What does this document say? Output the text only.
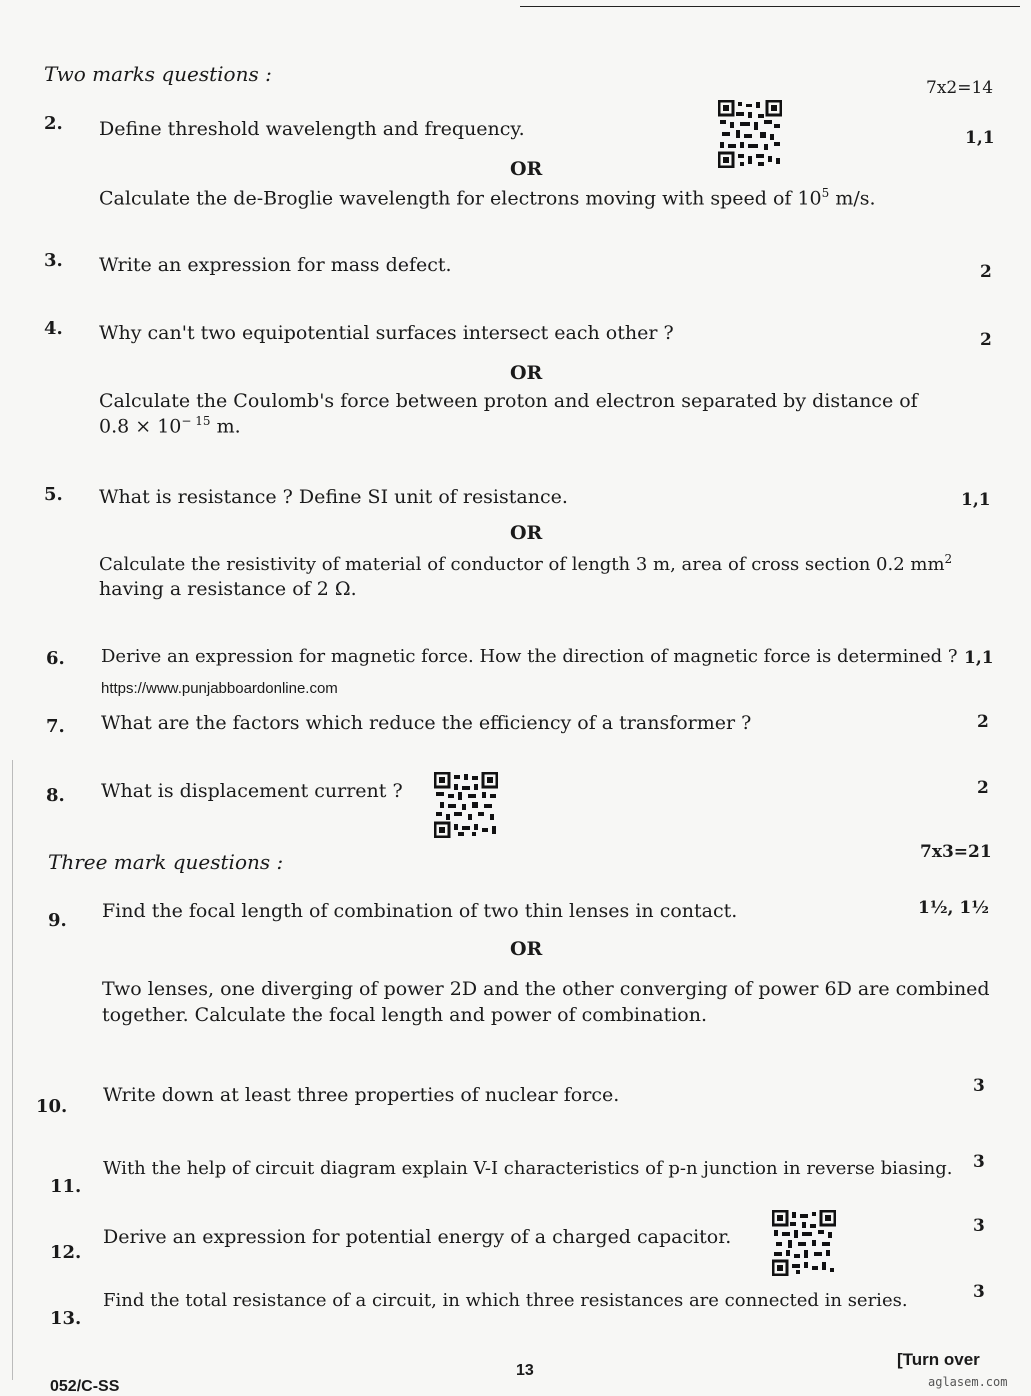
Two marks questions :
7x2=14
2. Define threshold wavelength and frequency.	1,1
OR
Calculate the de-Broglie wavelength for electrons moving with speed of $10^5$ m/s.
3. Write an expression for mass defect.	2
4. Why can't two equipotential surfaces intersect each other ?	2
OR
Calculate the Coulomb's force between proton and electron separated by distance of
$0.8 \times 10^{- 15}$ m.
5. What is resistance ? Define SI unit of resistance.	1,1
OR
Calculate the resistivity of material of conductor of length 3 m, area of cross section 0.2 $mm^2$
having a resistance of 2 Ω.
6. Derive an expression for magnetic force. How the direction of magnetic force is determined ? 1,1
https://www.punjabboardonline.com
7. What are the factors which reduce the efficiency of a transformer ?	2
8. What is displacement current ?	2
Three mark questions :	7x3=21
9. Find the focal length of combination of two thin lenses in contact.	1½, 1½
OR
Two lenses, one diverging of power 2D and the other converging of power 6D are combined
together. Calculate the focal length and power of combination.
10.
Write down at least three properties of nuclear force.	3
11.
With the help of circuit diagram explain V-I characteristics of p-n junction in reverse biasing. 3
12.
Derive an expression for potential energy of a charged capacitor.	3
13.
Find the total resistance of a circuit, in which three resistances are connected in series.	3
13
[Turn over
052/C-SS	aglasem.com
